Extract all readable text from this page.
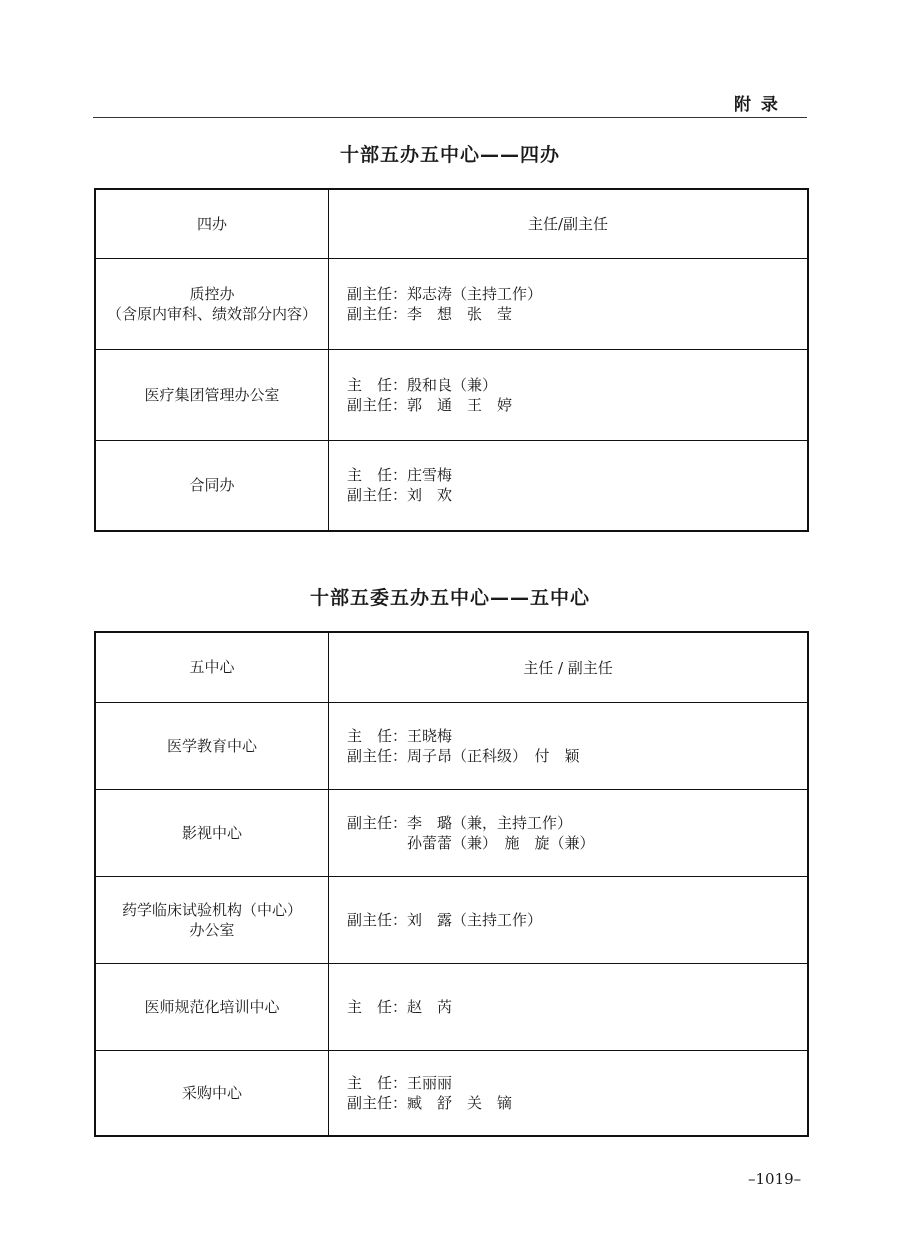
附 录
十部五办五中心——四办
四办	主任/副主任

质控办
（含原内审科、绩效部分内容）	副主任：郑志涛（主持工作）
副主任：李　想　张　莹

医疗集团管理办公室	主　任：殷和良（兼）
副主任：郭　通　王　婷

合同办	主　任：庄雪梅
副主任：刘　欢
十部五委五办五中心——五中心
五中心	主任 / 副主任

医学教育中心	主　任：王晓梅
副主任：周子昂（正科级）　付　颖

影视中心	副主任：李　璐（兼，主持工作）
　　　　孙蕾蕾（兼）　施　旋（兼）

药学临床试验机构（中心）
办公室	副主任：刘　露（主持工作）

医师规范化培训中心	主　任：赵　芮

采购中心	主　任：王丽丽
副主任：臧　舒　关　镝
–1019–
